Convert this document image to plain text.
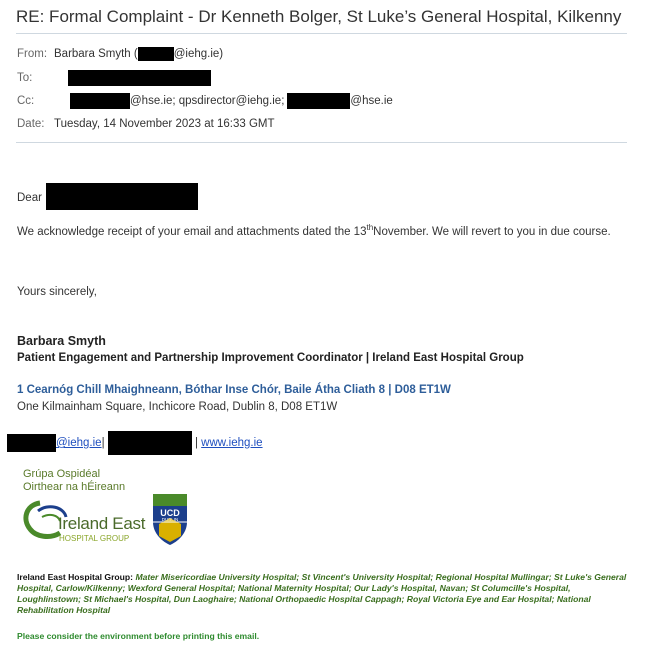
RE: Formal Complaint - Dr Kenneth Bolger, St Luke’s General Hospital, Kilkenny
From: Barbara Smyth (	@iehg.ie)
To:
Cc:	@hse.ie; qpsdirector@iehg.ie;	@hse.ie
Date: Tuesday, 14 November 2023 at 16:33 GMT
Dear
We acknowledge receipt of your email and attachments dated the 13thNovember. We will revert to you in due course.
Yours sincerely,
Barbara Smyth
Patient Engagement and Partnership Improvement Coordinator | Ireland East Hospital Group
1 Cearnóg Chill Mhaighneann, Bóthar Inse Chór, Baile Átha Cliath 8 | D08 ET1W
One Kilmainham Square, Inchicore Road, Dublin 8, D08 ET1W
@iehg.ie|	| www.iehg.ie
Grúpa Ospidéal
Oirthear na hÉireann
Ireland East
HOSPITAL GROUP
UCD
DUBLIN
Ireland East Hospital Group: Mater Misericordiae University Hospital; St Vincent's University Hospital; Regional Hospital Mullingar; St Luke's General Hospital, Carlow/Kilkenny; Wexford General Hospital; National Maternity Hospital; Our Lady's Hospital, Navan; St Columcille's Hospital, Loughlinstown; St Michael's Hospital, Dun Laoghaire; National Orthopaedic Hospital Cappagh; Royal Victoria Eye and Ear Hospital; National Rehabilitation Hospital
Please consider the environment before printing this email.
